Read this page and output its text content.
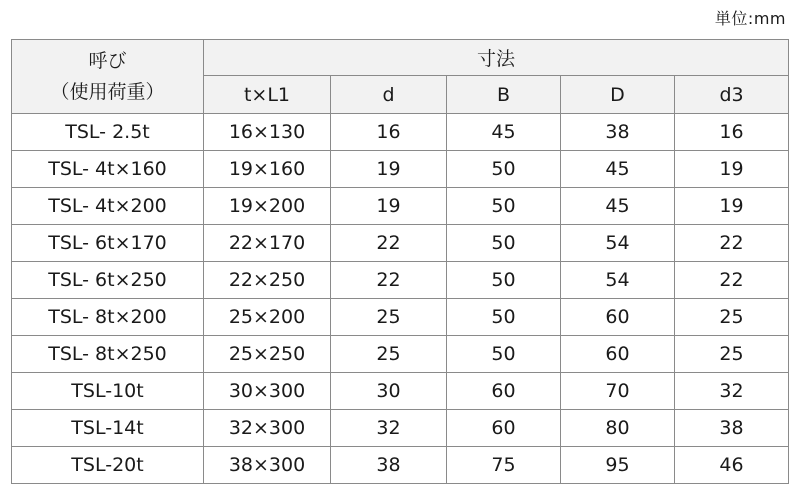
単位:mm
呼び
（使用荷重）	寸法				
	t×L1	d	B	D	d3
TSL- 2.5t	16×130	16	45	38	16
TSL- 4t×160	19×160	19	50	45	19
TSL- 4t×200	19×200	19	50	45	19
TSL- 6t×170	22×170	22	50	54	22
TSL- 6t×250	22×250	22	50	54	22
TSL- 8t×200	25×200	25	50	60	25
TSL- 8t×250	25×250	25	50	60	25
TSL-10t	30×300	30	60	70	32
TSL-14t	32×300	32	60	80	38
TSL-20t	38×300	38	75	95	46
